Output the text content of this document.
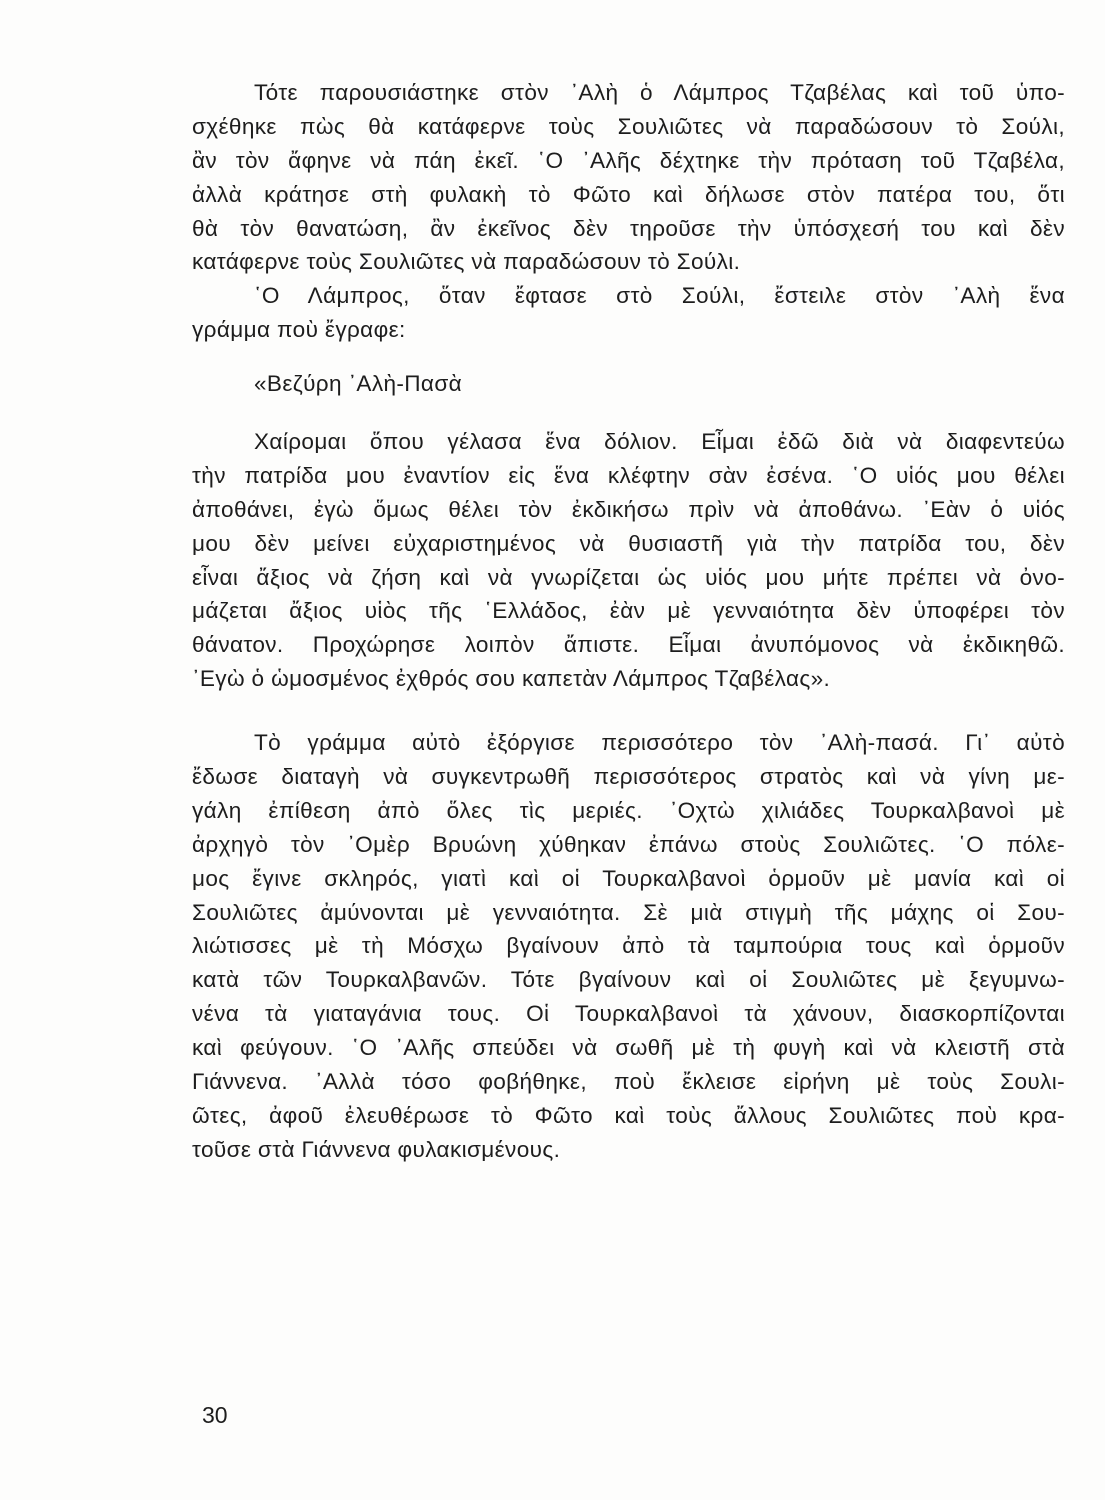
Τότε παρουσιάστηκε στὸν ᾽Αλὴ ὁ Λάμπρος Τζαβέλας καὶ τοῦ ὑπο-
σχέθηκε πὼς θὰ κατάφερνε τοὺς Σουλιῶτες νὰ παραδώσουν τὸ Σούλι,
ἂν τὸν ἄφηνε νὰ πάη ἐκεῖ. ῾Ο ᾽Αλῆς δέχτηκε τὴν πρόταση τοῦ Τζαβέλα,
ἀλλὰ κράτησε στὴ φυλακὴ τὸ Φῶτο καὶ δήλωσε στὸν πατέρα του, ὅτι
θὰ τὸν θανατώση, ἂν ἐκεῖνος δὲν τηροῦσε τὴν ὑπόσχεσή του καὶ δὲν
κατάφερνε τοὺς Σουλιῶτες νὰ παραδώσουν τὸ Σούλι.
῾Ο Λάμπρος, ὅταν ἔφτασε στὸ Σούλι, ἔστειλε στὸν ᾽Αλὴ ἕνα
γράμμα ποὺ ἔγραφε:
«Βεζύρη ᾽Αλὴ-Πασὰ
Χαίρομαι ὅπου γέλασα ἕνα δόλιον. Εἶμαι ἐδῶ διὰ νὰ διαφεντεύω
τὴν πατρίδα μου ἐναντίον εἰς ἕνα κλέφτην σὰν ἐσένα. ῾Ο υἱός μου θέλει
ἀποθάνει, ἐγὼ ὅμως θέλει τὸν ἐκδικήσω πρὶν νὰ ἀποθάνω. ᾽Εὰν ὁ υἱός
μου δὲν μείνει εὐχαριστημένος νὰ θυσιαστῆ γιὰ τὴν πατρίδα του, δὲν
εἶναι ἄξιος νὰ ζήση καὶ νὰ γνωρίζεται ὡς υἱός μου μήτε πρέπει νὰ ὀνο-
μάζεται ἄξιος υἱὸς τῆς ῾Ελλάδος, ἐὰν μὲ γενναιότητα δὲν ὑποφέρει τὸν
θάνατον. Προχώρησε λοιπὸν ἄπιστε. Εἶμαι ἀνυπόμονος νὰ ἐκδικηθῶ.
᾽Εγὼ ὁ ὡμοσμένος ἐχθρός σου καπετὰν Λάμπρος Τζαβέλας».
Τὸ γράμμα αὐτὸ ἐξόργισε περισσότερο τὸν ᾽Αλὴ-πασά. Γι᾽ αὐτὸ
ἔδωσε διαταγὴ νὰ συγκεντρωθῆ περισσότερος στρατὸς καὶ νὰ γίνη με-
γάλη ἐπίθεση ἀπὸ ὅλες τὶς μεριές. ᾽Οχτὼ χιλιάδες Τουρκαλβανοὶ μὲ
ἀρχηγὸ τὸν ᾽Ομὲρ Βρυώνη χύθηκαν ἐπάνω στοὺς Σουλιῶτες. ῾Ο πόλε-
μος ἔγινε σκληρός, γιατὶ καὶ οἱ Τουρκαλβανοὶ ὁρμοῦν μὲ μανία καὶ οἱ
Σουλιῶτες ἀμύνονται μὲ γενναιότητα. Σὲ μιὰ στιγμὴ τῆς μάχης οἱ Σου-
λιώτισσες μὲ τὴ Μόσχω βγαίνουν ἀπὸ τὰ ταμπούρια τους καὶ ὁρμοῦν
κατὰ τῶν Τουρκαλβανῶν. Τότε βγαίνουν καὶ οἱ Σουλιῶτες μὲ ξεγυμνω-
νένα τὰ γιαταγάνια τους. Οἱ Τουρκαλβανοὶ τὰ χάνουν, διασκορπίζονται
καὶ φεύγουν. ῾Ο ᾽Αλῆς σπεύδει νὰ σωθῆ μὲ τὴ φυγὴ καὶ νὰ κλειστῆ στὰ
Γιάννενα. ᾽Αλλὰ τόσο φοβήθηκε, ποὺ ἔκλεισε εἰρήνη μὲ τοὺς Σουλι-
ῶτες, ἀφοῦ ἐλευθέρωσε τὸ Φῶτο καὶ τοὺς ἄλλους Σουλιῶτες ποὺ κρα-
τοῦσε στὰ Γιάννενα φυλακισμένους.
30
